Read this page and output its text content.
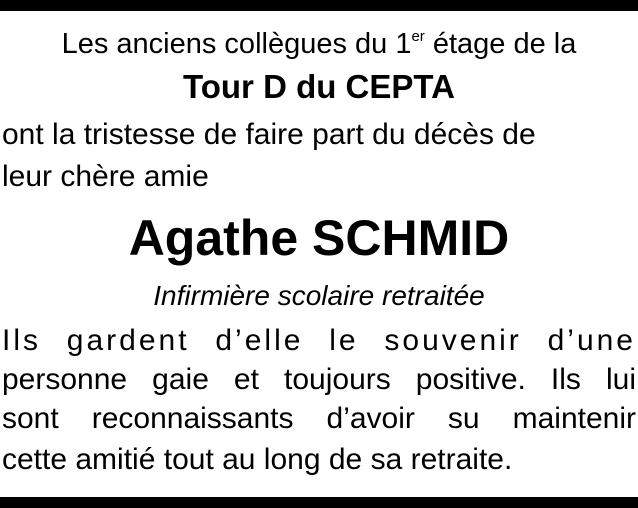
Les anciens collègues du 1er étage de la
Tour D du CEPTA
ont la tristesse de faire part du décès de
leur chère amie
Agathe SCHMID
Infirmière scolaire retraitée
Ils gardent d’elle le souvenir d’une
personne gaie et toujours positive. Ils lui
sont reconnaissants d’avoir su maintenir
cette amitié tout au long de sa retraite.
